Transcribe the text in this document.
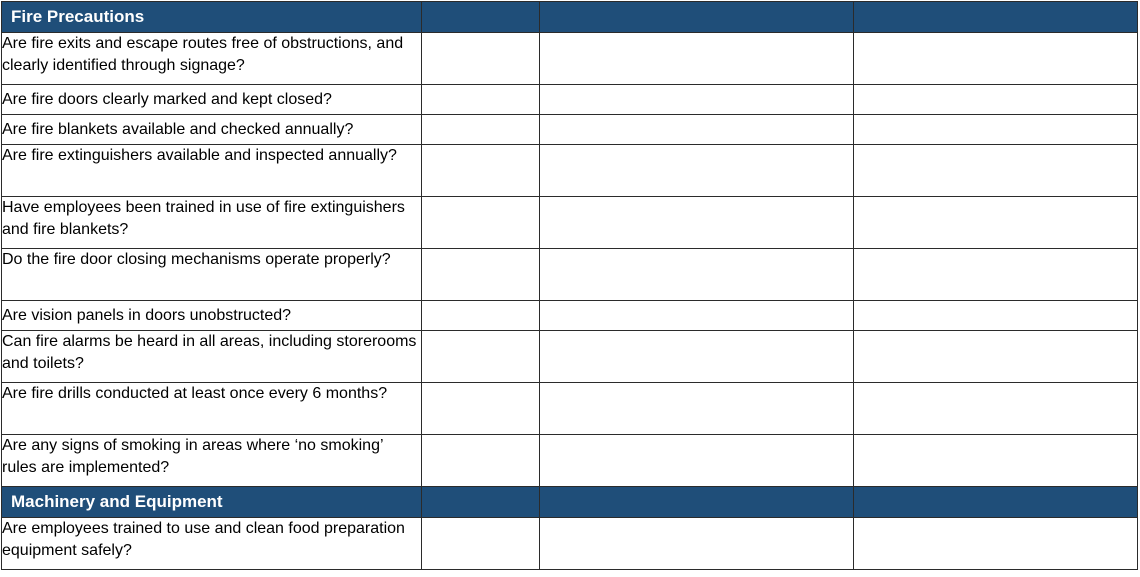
Fire Precautions			
Are fire exits and escape routes free of obstructions, and clearly identified through signage?			
Are fire doors clearly marked and kept closed?			
Are fire blankets available and checked annually?			
Are fire extinguishers available and inspected annually?			
Have employees been trained in use of fire extinguishers and fire blankets?			
Do the fire door closing mechanisms operate properly?			
Are vision panels in doors unobstructed?			
Can fire alarms be heard in all areas, including storerooms and toilets?			
Are fire drills conducted at least once every 6 months?			
Are any signs of smoking in areas where ‘no smoking’ rules are implemented?			
Machinery and Equipment			
Are employees trained to use and clean food preparation equipment safely?			
